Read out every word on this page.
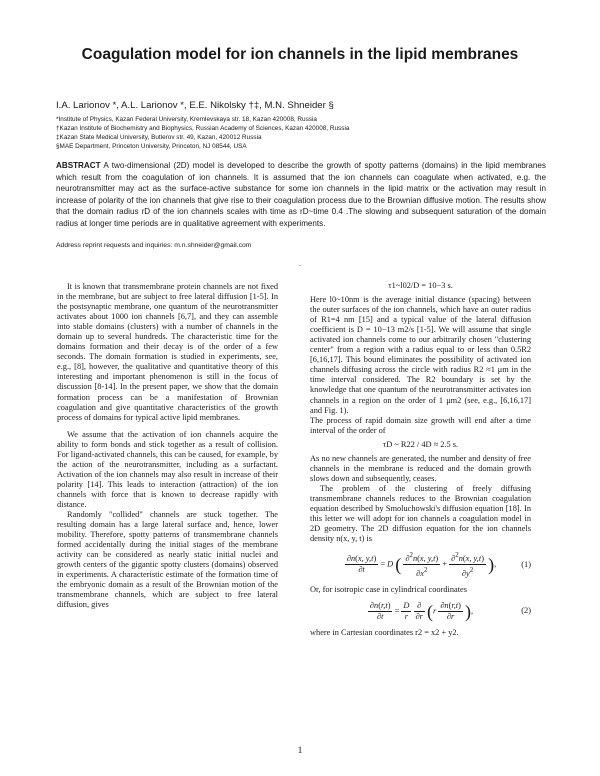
Coagulation model for ion channels in the lipid membranes
I.A. Larionov *, A.L. Larionov *, E.E. Nikolsky †‡, M.N. Shneider §
*Institute of Physics, Kazan Federal University, Kremlevskaya str. 18, Kazan 420008, Russia
†Kazan Institute of Biochemistry and Biophysics, Russian Academy of Sciences, Kazan 420008, Russia
‡Kazan State Medical University, Butlerov str. 49, Kazan, 420012 Russia
§MAE Department, Princeton University, Princeton, NJ 08544, USA
ABSTRACT A two-dimensional (2D) model is developed to describe the growth of spotty patterns (domains) in the lipid membranes which result from the coagulation of ion channels. It is assumed that the ion channels can coagulate when activated, e.g. the neurotransmitter may act as the surface-active substance for some ion channels in the lipid matrix or the activation may result in increase of polarity of the ion channels that give rise to their coagulation process due to the Brownian diffusive motion. The results show that the domain radius rD of the ion channels scales with time as rD~time 0.4 .The slowing and subsequent saturation of the domain radius at longer time periods are in qualitative agreement with experiments.
Address reprint requests and inquiries: m.n.shneider@gmail.com
-

It is known that transmembrane protein channels are not fixed in the membrane, but are subject to free lateral diffusion [1-5]. In the postsynaptic membrane, one quantum of the neurotransmitter activates about 1000 ion channels [6,7], and they can assemble into stable domains (clusters) with a number of channels in the domain up to several hundreds. The characteristic time for the domains formation and their decay is of the order of a few seconds. The domain formation is studied in experiments, see, e.g., [8], however, the qualitative and quantitative theory of this interesting and important phenomenon is still in the focus of discussion [8-14]. In the present paper, we show that the domain formation process can be a manifestation of Brownian coagulation and give quantitative characteristics of the growth process of domains for typical active lipid membranes.

We assume that the activation of ion channels acquire the ability to form bonds and stick together as a result of collision. For ligand-activated channels, this can be caused, for example, by the action of the neurotransmitter, including as a surfactant. Activation of the ion channels may also result in increase of their polarity [14]. This leads to interaction (attraction) of the ion channels with force that is known to decrease rapidly with distance.

Randomly "collided" channels are stuck together. The resulting domain has a large lateral surface and, hence, lower mobility. Therefore, spotty patterns of transmembrane channels formed accidentally during the initial stages of the membrane activity can be considered as nearly static initial nuclei and growth centers of the gigantic spotty clusters (domains) observed in experiments. A characteristic estimate of the formation time of the embryonic domain as a result of the Brownian motion of the transmembrane channels, which are subject to free lateral diffusion, gives

τ1~l02/D = 10−3 s.

Here l0~10nm is the average initial distance (spacing) between the outer surfaces of the ion channels, which have an outer radius of R1=4 nm [15] and a typical value of the lateral diffusion coefficient is D = 10−13 m2/s [1-5]. We will assume that single activated ion channels come to our arbitrarily chosen "clustering center" from a region with a radius equal to or less than 0.5R2 [6,16,17]. This bound eliminates the possibility of activated ion channels diffusing across the circle with radius R2 ≈1 μm in the time interval considered. The R2 boundary is set by the knowledge that one quantum of the neurotransmitter activates ion channels in a region on the order of 1 μm2 (see, e.g., [6,16,17] and Fig. 1).

The process of rapid domain size growth will end after a time interval of the order of

τD ~ R22 / 4D ≈ 2.5 s.

As no new channels are generated, the number and density of free channels in the membrane is reduced and the domain growth slows down and subsequently, ceases.

The problem of the clustering of freely diffusing transmembrane channels reduces to the Brownian coagulation equation described by Smoluchowski's diffusion equation [18]. In this letter we will adopt for ion channels a coagulation model in 2D geometry. The 2D diffusion equation for the ion channels density n(x, y, t) is

$\frac{\partial n(x, y,t)}{\partial t} = D$ ( $\frac{\partial^2n(x, y,t)}{\partial x^2} + \frac{\partial^2n(x, y,t)}{\partial y^2}$ ),	(1)

Or, for isotropic case in cylindrical coordinates

$\frac{\partial n(r,t)}{\partial t} = \frac{D}{r}$
$\frac{\partial}{\partial r} (r \frac{\partial n(r,t)}{\partial r}$ ),	(2)

where in Cartesian coordinates r2 = x2 + y2.

1
